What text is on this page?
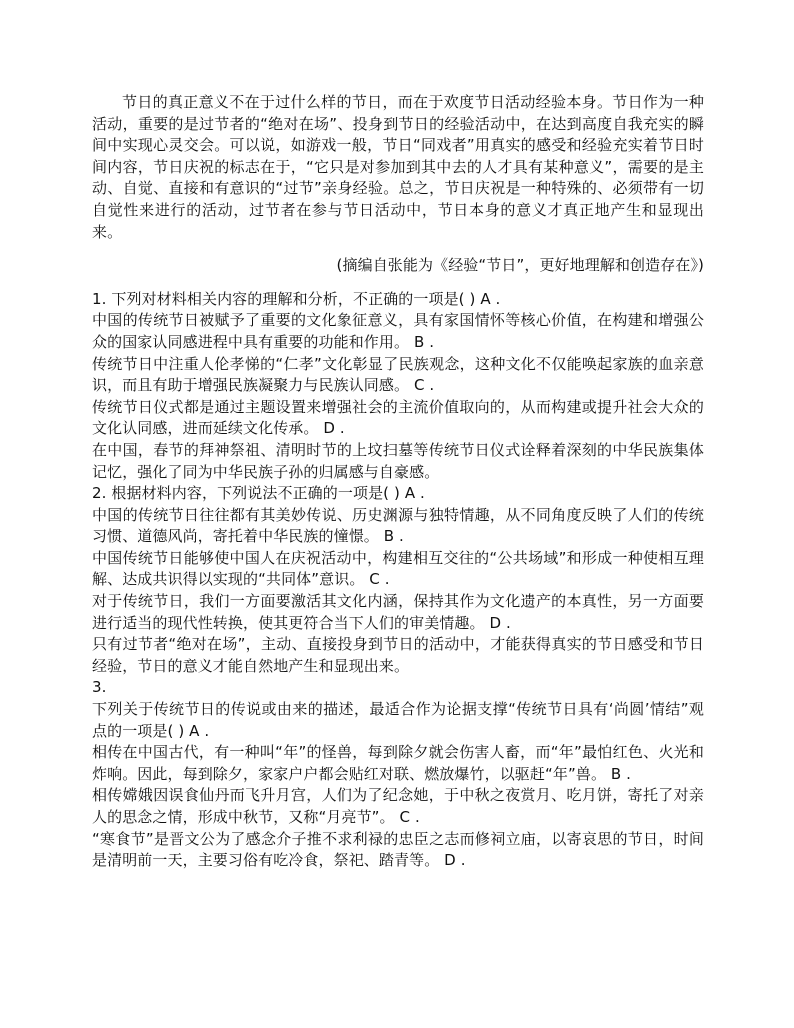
节日的真正意义不在于过什么样的节日，而在于欢度节日活动经验本身。节日作为一种活动，重要的是过节者的“绝对在场”、投身到节日的经验活动中，在达到高度自我充实的瞬间中实现心灵交会。可以说，如游戏一般，节日“同戏者”用真实的感受和经验充实着节日时间内容，节日庆祝的标志在于，“它只是对参加到其中去的人才具有某种意义”，需要的是主动、自觉、直接和有意识的“过节”亲身经验。总之，节日庆祝是一种特殊的、必须带有一切自觉性来进行的活动，过节者在参与节日活动中，节日本身的意义才真正地产生和显现出来。

(摘编自张能为《经验“节日”，更好地理解和创造存在》)

1. 下列对材料相关内容的理解和分析，不正确的一项是( ) A .

中国的传统节日被赋予了重要的文化象征意义，具有家国情怀等核心价值，在构建和增强公众的国家认同感进程中具有重要的功能和作用。 B .

传统节日中注重人伦孝悌的“仁孝”文化彰显了民族观念，这种文化不仅能唤起家族的血亲意识，而且有助于增强民族凝聚力与民族认同感。 C .

传统节日仪式都是通过主题设置来增强社会的主流价值取向的，从而构建或提升社会大众的文化认同感，进而延续文化传承。 D .

在中国，春节的拜神祭祖、清明时节的上坟扫墓等传统节日仪式诠释着深刻的中华民族集体记忆，强化了同为中华民族子孙的归属感与自豪感。

2. 根据材料内容，下列说法不正确的一项是( ) A .

中国的传统节日往往都有其美妙传说、历史渊源与独特情趣，从不同角度反映了人们的传统习惯、道德风尚，寄托着中华民族的憧憬。 B .

中国传统节日能够使中国人在庆祝活动中，构建相互交往的“公共场域”和形成一种使相互理解、达成共识得以实现的“共同体”意识。 C .

对于传统节日，我们一方面要激活其文化内涵，保持其作为文化遗产的本真性，另一方面要进行适当的现代性转换，使其更符合当下人们的审美情趣。 D .

只有过节者“绝对在场”，主动、直接投身到节日的活动中，才能获得真实的节日感受和节日经验，节日的意义才能自然地产生和显现出来。

3.

下列关于传统节日的传说或由来的描述，最适合作为论据支撑“传统节日具有‘尚圆’情结”观点的一项是( ) A .

相传在中国古代，有一种叫“年”的怪兽，每到除夕就会伤害人畜，而“年”最怕红色、火光和炸响。因此，每到除夕，家家户户都会贴红对联、燃放爆竹，以驱赶“年”兽。 B .

相传嫦娥因误食仙丹而飞升月宫，人们为了纪念她，于中秋之夜赏月、吃月饼，寄托了对亲人的思念之情，形成中秋节，又称“月亮节”。 C .

“寒食节”是晋文公为了感念介子推不求利禄的忠臣之志而修祠立庙，以寄哀思的节日，时间是清明前一天，主要习俗有吃冷食，祭祀、踏青等。 D .
